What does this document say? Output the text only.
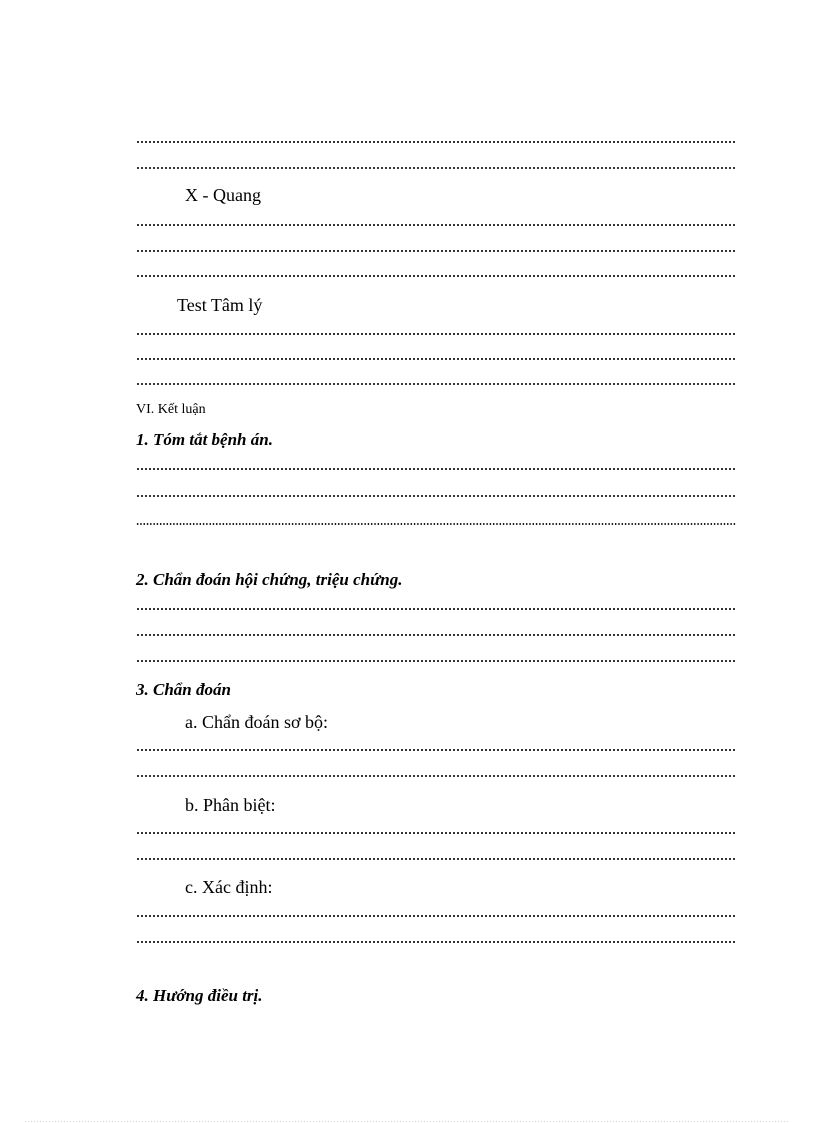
X - Quang
Test Tâm lý
VI. Kết luận
1. Tóm tắt bệnh án.
2. Chẩn đoán hội chứng, triệu chứng.
3. Chẩn đoán
a. Chẩn đoán sơ bộ:
b. Phân biệt:
c. Xác định:
4. Hướng điều trị.
